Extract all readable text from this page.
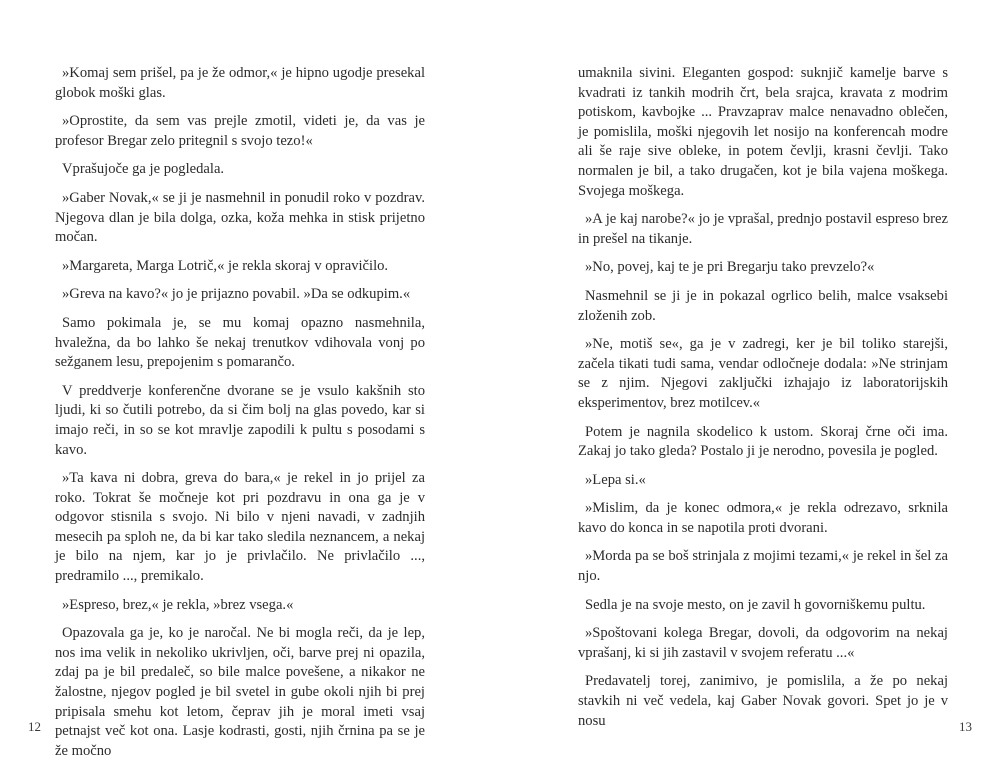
»Komaj sem prišel, pa je že odmor,« je hipno ugodje presekal globok moški glas.

»Oprostite, da sem vas prejle zmotil, videti je, da vas je profesor Bregar zelo pritegnil s svojo tezo!«

Vprašujoče ga je pogledala.

»Gaber Novak,« se ji je nasmehnil in ponudil roko v pozdrav. Njegova dlan je bila dolga, ozka, koža mehka in stisk prijetno močan.

»Margareta, Marga Lotrič,« je rekla skoraj v opravičilo.

»Greva na kavo?« jo je prijazno povabil. »Da se odkupim.«

Samo pokimala je, se mu komaj opazno nasmehnila, hvaležna, da bo lahko še nekaj trenutkov vdihovala vonj po sežganem lesu, prepojenim s pomarančo.

V preddverje konferenčne dvorane se je vsulo kakšnih sto ljudi, ki so čutili potrebo, da si čim bolj na glas povedo, kar si imajo reči, in so se kot mravlje zapodili k pultu s posodami s kavo.

»Ta kava ni dobra, greva do bara,« je rekel in jo prijel za roko. Tokrat še močneje kot pri pozdravu in ona ga je v odgovor stisnila s svojo. Ni bilo v njeni navadi, v zadnjih mesecih pa sploh ne, da bi kar tako sledila neznancem, a nekaj je bilo na njem, kar jo je privlačilo. Ne privlačilo ..., predramilo ..., premikalo.

»Espreso, brez,« je rekla, »brez vsega.«

Opazovala ga je, ko je naročal. Ne bi mogla reči, da je lep, nos ima velik in nekoliko ukrivljen, oči, barve prej ni opazila, zdaj pa je bil predaleč, so bile malce povešene, a nikakor ne žalostne, njegov pogled je bil svetel in gube okoli njih bi prej pripisala smehu kot letom, čeprav jih je moral imeti vsaj petnajst več kot ona. Lasje kodrasti, gosti, njih črnina pa se je že močno

12

umaknila sivini. Eleganten gospod: suknjič kamelje barve s kvadrati iz tankih modrih črt, bela srajca, kravata z modrim potiskom, kavbojke ... Pravzaprav malce nenavadno oblečen, je pomislila, moški njegovih let nosijo na konferencah modre ali še raje sive obleke, in potem čevlji, krasni čevlji. Tako normalen je bil, a tako drugačen, kot je bila vajena moškega. Svojega moškega.

»A je kaj narobe?« jo je vprašal, prednjo postavil espreso brez in prešel na tikanje.

»No, povej, kaj te je pri Bregarju tako prevzelo?«

Nasmehnil se ji je in pokazal ogrlico belih, malce vsaksebi zloženih zob.

»Ne, motiš se«, ga je v zadregi, ker je bil toliko starejši, začela tikati tudi sama, vendar odločneje dodala: »Ne strinjam se z njim. Njegovi zaključki izhajajo iz laboratorijskih eksperimentov, brez motilcev.«

Potem je nagnila skodelico k ustom. Skoraj črne oči ima. Zakaj jo tako gleda? Postalo ji je nerodno, povesila je pogled.

»Lepa si.«

»Mislim, da je konec odmora,« je rekla odrezavo, srknila kavo do konca in se napotila proti dvorani.

»Morda pa se boš strinjala z mojimi tezami,« je rekel in šel za njo.

Sedla je na svoje mesto, on je zavil h govorniškemu pultu.

»Spoštovani kolega Bregar, dovoli, da odgovorim na nekaj vprašanj, ki si jih zastavil v svojem referatu ...«

Predavatelj torej, zanimivo, je pomislila, a že po nekaj stavkih ni več vedela, kaj Gaber Novak govori. Spet jo je v nosu	13
